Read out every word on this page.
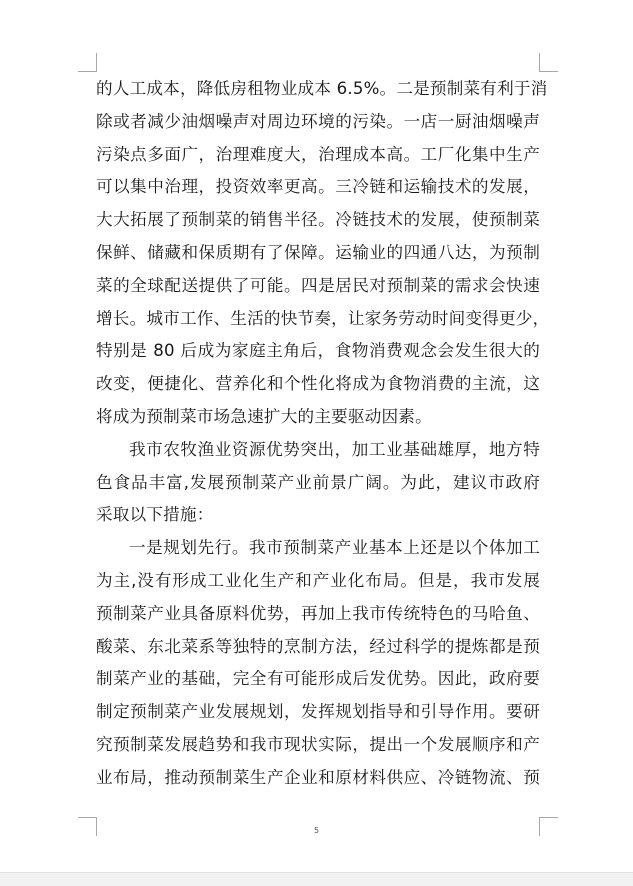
的人工成本，降低房租物业成本 6.5%。二是预制菜有利于消
除或者减少油烟噪声对周边环境的污染。一店一厨油烟噪声
污染点多面广，治理难度大，治理成本高。工厂化集中生产
可以集中治理，投资效率更高。三冷链和运输技术的发展，
大大拓展了预制菜的销售半径。冷链技术的发展，使预制菜
保鲜、储藏和保质期有了保障。运输业的四通八达，为预制
菜的全球配送提供了可能。四是居民对预制菜的需求会快速
增长。城市工作、生活的快节奏，让家务劳动时间变得更少，
特别是 80 后成为家庭主角后，食物消费观念会发生很大的
改变，便捷化、营养化和个性化将成为食物消费的主流，这
将成为预制菜市场急速扩大的主要驱动因素。
我市农牧渔业资源优势突出，加工业基础雄厚，地方特
色食品丰富,发展预制菜产业前景广阔。为此，建议市政府
采取以下措施：
一是规划先行。我市预制菜产业基本上还是以个体加工
为主,没有形成工业化生产和产业化布局。但是，我市发展
预制菜产业具备原料优势，再加上我市传统特色的马哈鱼、
酸菜、东北菜系等独特的烹制方法，经过科学的提炼都是预
制菜产业的基础，完全有可能形成后发优势。因此，政府要
制定预制菜产业发展规划，发挥规划指导和引导作用。要研
究预制菜发展趋势和我市现状实际，提出一个发展顺序和产
业布局，推动预制菜生产企业和原材料供应、冷链物流、预
5
